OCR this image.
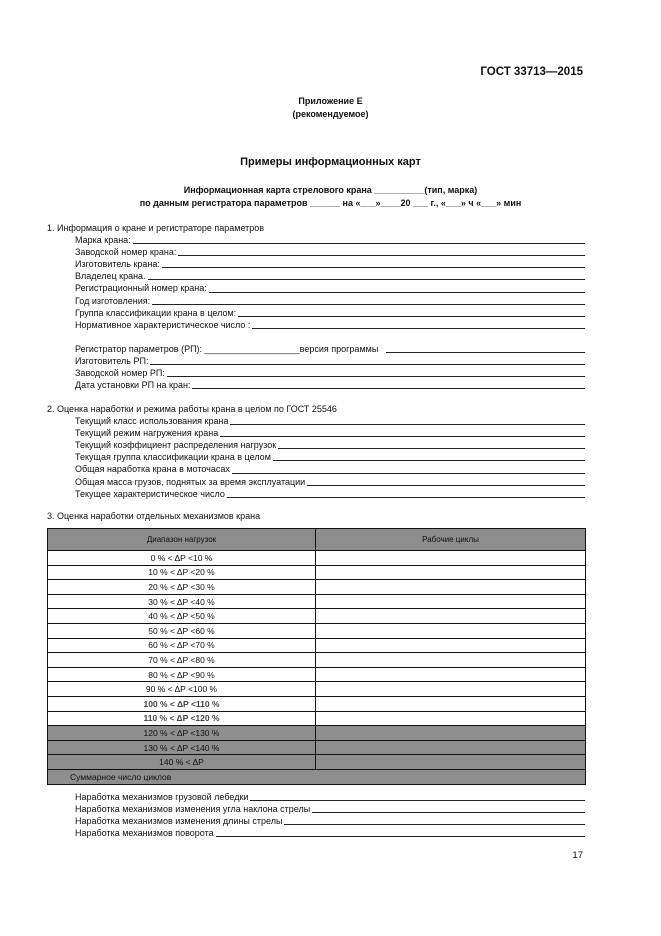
ГОСТ 33713—2015
Приложение Е
(рекомендуемое)
Примеры информационных карт
Информационная карта стрелового крана __________(тип, марка)
по данным регистратора параметров ______ на «___»____20 ___ г., «___» ч «___» мин
1. Информация о кране и регистраторе параметров
Марка крана:
Заводской номер крана:
Изготовитель крана:
Владелец крана.
Регистрационный номер крана:
Год изготовления:
Группа классификации крана в целом:
Нормативное характеристическое число :
Регистратор параметров (РП): ___________________ версия программы
Изготовитель РП:
Заводской номер РП:
Дата установки РП на кран:
2. Оценка наработки и режима работы крана в целом по ГОСТ 25546
Текущий класс использования крана
Текущий режим нагружения крана
Текущий коэффициент распределения нагрузок
Текущая группа классификации крана в целом
Общая наработка крана в моточасах
Общая масса грузов, поднятых за время эксплуатации
Текущее характеристическое число
3. Оценка наработки отдельных механизмов крана
Диапазон нагрузок	Рабочие циклы
0 % < ΔP <10 %	
10 % < ΔP <20 %	
20 % < ΔP <30 %	
30 % < ΔP <40 %	
40 % < ΔP <50 %	
50 % < ΔP <60 %	
60 % < ΔP <70 %	
70 % < ΔP <80 %	
80 % < ΔP <90 %	
90 % < ΔP <100 %	
100 % < ΔP <110 %	
110 % < ΔP <120 %	
120 % < ΔP <130 %	
130 % < ΔP <140 %	
140 % < ΔP	
Суммарное число циклов	
Наработка механизмов грузовой лебедки
Наработка механизмов изменения угла наклона стрелы
Наработка механизмов изменения длины стрелы
Наработка механизмов поворота
17
